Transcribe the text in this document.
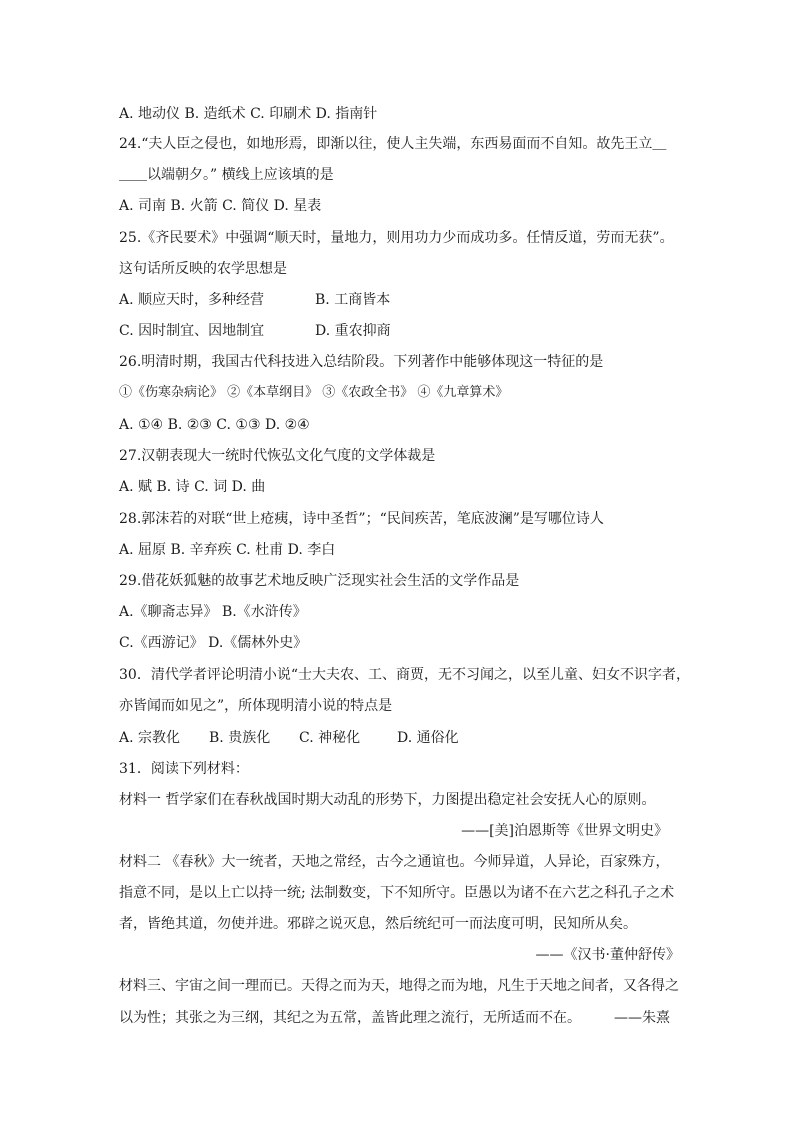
A. 地动仪 B. 造纸术 C. 印刷术 D. 指南针
24.“夫人臣之侵也，如地形焉，即渐以往，使人主失端，东西易面而不自知。故先王立＿
＿＿以端朝夕。” 横线上应该填的是
A. 司南 B. 火箭 C. 简仪 D. 星表
25.《齐民要术》中强调“顺天时，量地力，则用功力少而成功多。任情反道，劳而无获”。
这句话所反映的农学思想是
A. 顺应天时，多种经营	B. 工商皆本
C. 因时制宜、因地制宜	D. 重农抑商
26.明清时期，我国古代科技进入总结阶段。下列著作中能够体现这一特征的是
①《伤寒杂病论》 ②《本草纲目》 ③《农政全书》 ④《九章算术》
A. ①④ B. ②③ C. ①③ D. ②④
27.汉朝表现大一统时代恢弘文化气度的文学体裁是
A. 赋 B. 诗 C. 词 D. 曲
28.郭沫若的对联“世上疮痍，诗中圣哲”；“民间疾苦，笔底波澜”是写哪位诗人
A. 屈原 B. 辛弃疾 C. 杜甫 D. 李白
29.借花妖狐魅的故事艺术地反映广泛现实社会生活的文学作品是
A.《聊斋志异》 B.《水浒传》
C.《西游记》 D.《儒林外史》
30．清代学者评论明清小说“士大夫农、工、商贾，无不习闻之，以至儿童、妇女不识字者，
亦皆闻而如见之”，所体现明清小说的特点是
A. 宗教化 B. 贵族化 C. 神秘化	D. 通俗化
31．阅读下列材料：
材料一 哲学家们在春秋战国时期大动乱的形势下，力图提出稳定社会安抚人心的原则。
——[美]泊恩斯等《世界文明史》
材料二 《春秋》大一统者，天地之常经，古今之通谊也。今师异道，人异论，百家殊方，
指意不同，是以上亡以持一统; 法制数变，下不知所守。臣愚以为诸不在六艺之科孔子之术
者，皆绝其道，勿使并进。邪辟之说灭息，然后统纪可一而法度可明，民知所从矣。
——《汉书·董仲舒传》
材料三、宇宙之间一理而已。天得之而为天，地得之而为地，凡生于天地之间者，又各得之
以为性；其张之为三纲，其纪之为五常，盖皆此理之流行，无所适而不在。 ——朱熹
